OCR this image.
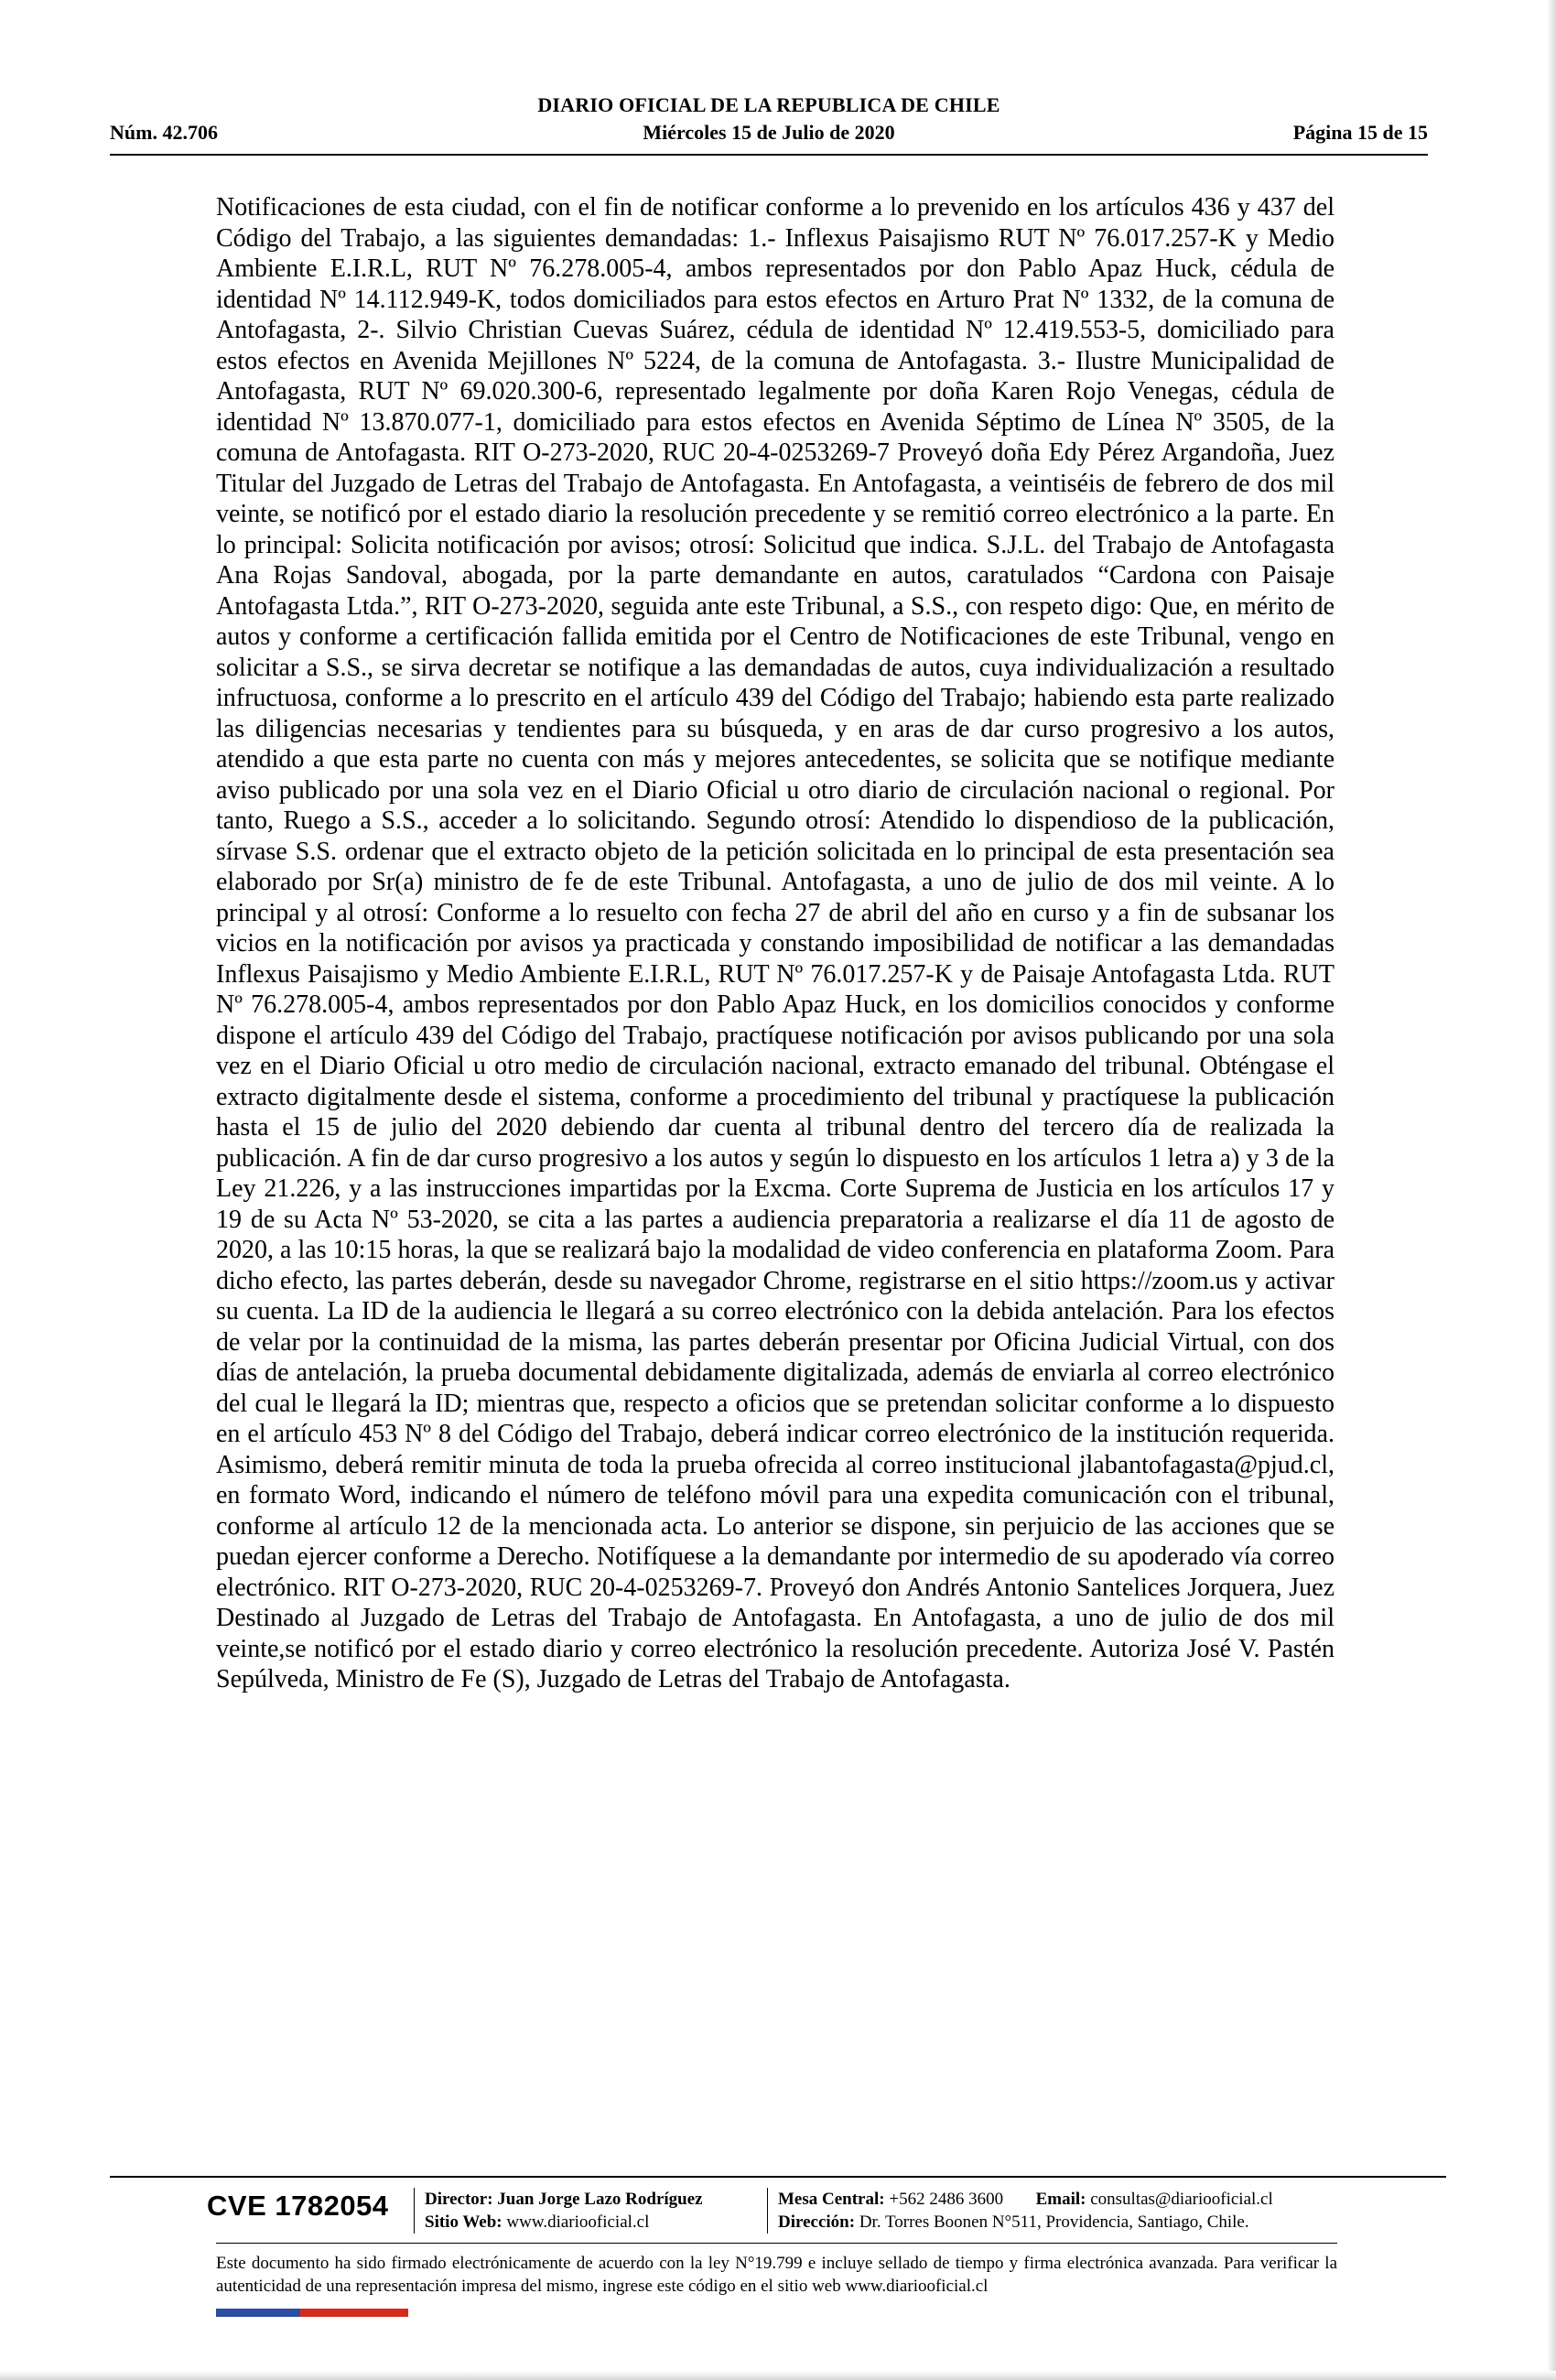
DIARIO OFICIAL DE LA REPUBLICA DE CHILE
Núm. 42.706	Miércoles 15 de Julio de 2020	Página 15 de 15
Notificaciones de esta ciudad, con el fin de notificar conforme a lo prevenido en los artículos 436 y 437 del Código del Trabajo, a las siguientes demandadas: 1.- Inflexus Paisajismo RUT Nº 76.017.257-K y Medio Ambiente E.I.R.L, RUT Nº 76.278.005-4, ambos representados por don Pablo Apaz Huck, cédula de identidad Nº 14.112.949-K, todos domiciliados para estos efectos en Arturo Prat Nº 1332, de la comuna de Antofagasta, 2-. Silvio Christian Cuevas Suárez, cédula de identidad Nº 12.419.553-5, domiciliado para estos efectos en Avenida Mejillones Nº 5224, de la comuna de Antofagasta. 3.- Ilustre Municipalidad de Antofagasta, RUT Nº 69.020.300-6, representado legalmente por doña Karen Rojo Venegas, cédula de identidad Nº 13.870.077-1, domiciliado para estos efectos en Avenida Séptimo de Línea Nº 3505, de la comuna de Antofagasta. RIT O-273-2020, RUC 20-4-0253269-7 Proveyó doña Edy Pérez Argandoña, Juez Titular del Juzgado de Letras del Trabajo de Antofagasta. En Antofagasta, a veintiséis de febrero de dos mil veinte, se notificó por el estado diario la resolución precedente y se remitió correo electrónico a la parte. En lo principal: Solicita notificación por avisos; otrosí: Solicitud que indica. S.J.L. del Trabajo de Antofagasta Ana Rojas Sandoval, abogada, por la parte demandante en autos, caratulados “Cardona con Paisaje Antofagasta Ltda.”, RIT O-273-2020, seguida ante este Tribunal, a S.S., con respeto digo: Que, en mérito de autos y conforme a certificación fallida emitida por el Centro de Notificaciones de este Tribunal, vengo en solicitar a S.S., se sirva decretar se notifique a las demandadas de autos, cuya individualización a resultado infructuosa, conforme a lo prescrito en el artículo 439 del Código del Trabajo; habiendo esta parte realizado las diligencias necesarias y tendientes para su búsqueda, y en aras de dar curso progresivo a los autos, atendido a que esta parte no cuenta con más y mejores antecedentes, se solicita que se notifique mediante aviso publicado por una sola vez en el Diario Oficial u otro diario de circulación nacional o regional. Por tanto, Ruego a S.S., acceder a lo solicitando. Segundo otrosí: Atendido lo dispendioso de la publicación, sírvase S.S. ordenar que el extracto objeto de la petición solicitada en lo principal de esta presentación sea elaborado por Sr(a) ministro de fe de este Tribunal. Antofagasta, a uno de julio de dos mil veinte. A lo principal y al otrosí: Conforme a lo resuelto con fecha 27 de abril del año en curso y a fin de subsanar los vicios en la notificación por avisos ya practicada y constando imposibilidad de notificar a las demandadas Inflexus Paisajismo y Medio Ambiente E.I.R.L, RUT Nº 76.017.257-K y de Paisaje Antofagasta Ltda. RUT Nº 76.278.005-4, ambos representados por don Pablo Apaz Huck, en los domicilios conocidos y conforme dispone el artículo 439 del Código del Trabajo, practíquese notificación por avisos publicando por una sola vez en el Diario Oficial u otro medio de circulación nacional, extracto emanado del tribunal. Obténgase el extracto digitalmente desde el sistema, conforme a procedimiento del tribunal y practíquese la publicación hasta el 15 de julio del 2020 debiendo dar cuenta al tribunal dentro del tercero día de realizada la publicación. A fin de dar curso progresivo a los autos y según lo dispuesto en los artículos 1 letra a) y 3 de la Ley 21.226, y a las instrucciones impartidas por la Excma. Corte Suprema de Justicia en los artículos 17 y 19 de su Acta Nº 53-2020, se cita a las partes a audiencia preparatoria a realizarse el día 11 de agosto de 2020, a las 10:15 horas, la que se realizará bajo la modalidad de video conferencia en plataforma Zoom. Para dicho efecto, las partes deberán, desde su navegador Chrome, registrarse en el sitio https://zoom.us y activar su cuenta. La ID de la audiencia le llegará a su correo electrónico con la debida antelación. Para los efectos de velar por la continuidad de la misma, las partes deberán presentar por Oficina Judicial Virtual, con dos días de antelación, la prueba documental debidamente digitalizada, además de enviarla al correo electrónico del cual le llegará la ID; mientras que, respecto a oficios que se pretendan solicitar conforme a lo dispuesto en el artículo 453 Nº 8 del Código del Trabajo, deberá indicar correo electrónico de la institución requerida. Asimismo, deberá remitir minuta de toda la prueba ofrecida al correo institucional jlabantofagasta@pjud.cl, en formato Word, indicando el número de teléfono móvil para una expedita comunicación con el tribunal, conforme al artículo 12 de la mencionada acta. Lo anterior se dispone, sin perjuicio de las acciones que se puedan ejercer conforme a Derecho. Notifíquese a la demandante por intermedio de su apoderado vía correo electrónico. RIT O-273-2020, RUC 20-4-0253269-7. Proveyó don Andrés Antonio Santelices Jorquera, Juez Destinado al Juzgado de Letras del Trabajo de Antofagasta. En Antofagasta, a uno de julio de dos mil veinte,se notificó por el estado diario y correo electrónico la resolución precedente. Autoriza José V. Pastén Sepúlveda, Ministro de Fe (S), Juzgado de Letras del Trabajo de Antofagasta.
CVE 1782054 Director: Juan Jorge Lazo Rodríguez
Sitio Web: www.diariooficial.cl
Mesa Central: +562 2486 3600 Email: consultas@diariooficial.cl
Dirección: Dr. Torres Boonen N°511, Providencia, Santiago, Chile.
Este documento ha sido firmado electrónicamente de acuerdo con la ley N°19.799 e incluye sellado de tiempo y firma electrónica avanzada. Para verificar la autenticidad de una representación impresa del mismo, ingrese este código en el sitio web www.diariooficial.cl
